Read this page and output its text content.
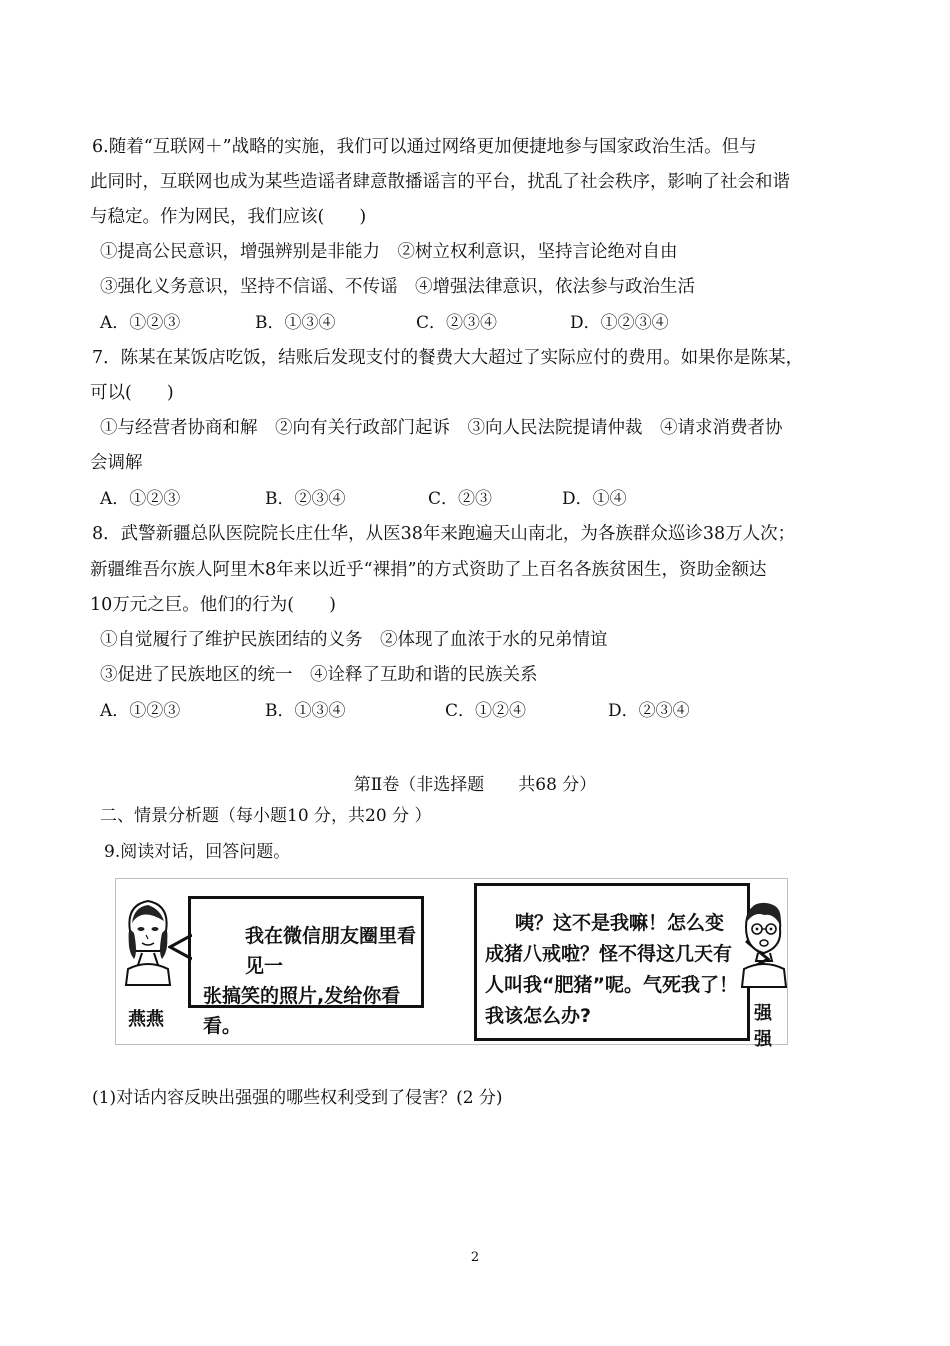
6.随着“互联网＋”战略的实施，我们可以通过网络更加便捷地参与国家政治生活。但与
此同时，互联网也成为某些造谣者肆意散播谣言的平台，扰乱了社会秩序，影响了社会和谐
与稳定。作为网民，我们应该(　　)
①提高公民意识，增强辨别是非能力　②树立权利意识，坚持言论绝对自由
③强化义务意识，坚持不信谣、不传谣　④增强法律意识，依法参与政治生活
A．①②③	B．①③④	C．②③④	D．①②③④
7．陈某在某饭店吃饭，结账后发现支付的餐费大大超过了实际应付的费用。如果你是陈某，
可以(　　)
①与经营者协商和解　②向有关行政部门起诉　③向人民法院提请仲裁　④请求消费者协
会调解
A．①②③	B．②③④	C．②③	D．①④
8．武警新疆总队医院院长庄仕华，从医38年来跑遍天山南北，为各族群众巡诊38万人次；
新疆维吾尔族人阿里木8年来以近乎“裸捐”的方式资助了上百名各族贫困生，资助金额达
10万元之巨。他们的行为(　　)
①自觉履行了维护民族团结的义务　②体现了血浓于水的兄弟情谊
③促进了民族地区的统一　④诠释了互助和谐的民族关系
A．①②③	B．①③④	C．①②④	D．②③④
第Ⅱ卷（非选择题　　共68 分）
二、情景分析题（每小题10 分，共20 分 ）
9.阅读对话，回答问题。
燕燕
我在微信朋友圈里看见一
张搞笑的照片,发给你看看。
咦？这不是我嘛！怎么变
成猪八戒啦？怪不得这几天有
人叫我“肥猪”呢。气死我了！
我该怎么办?	强强
(1)对话内容反映出强强的哪些权利受到了侵害？(2 分)
2
